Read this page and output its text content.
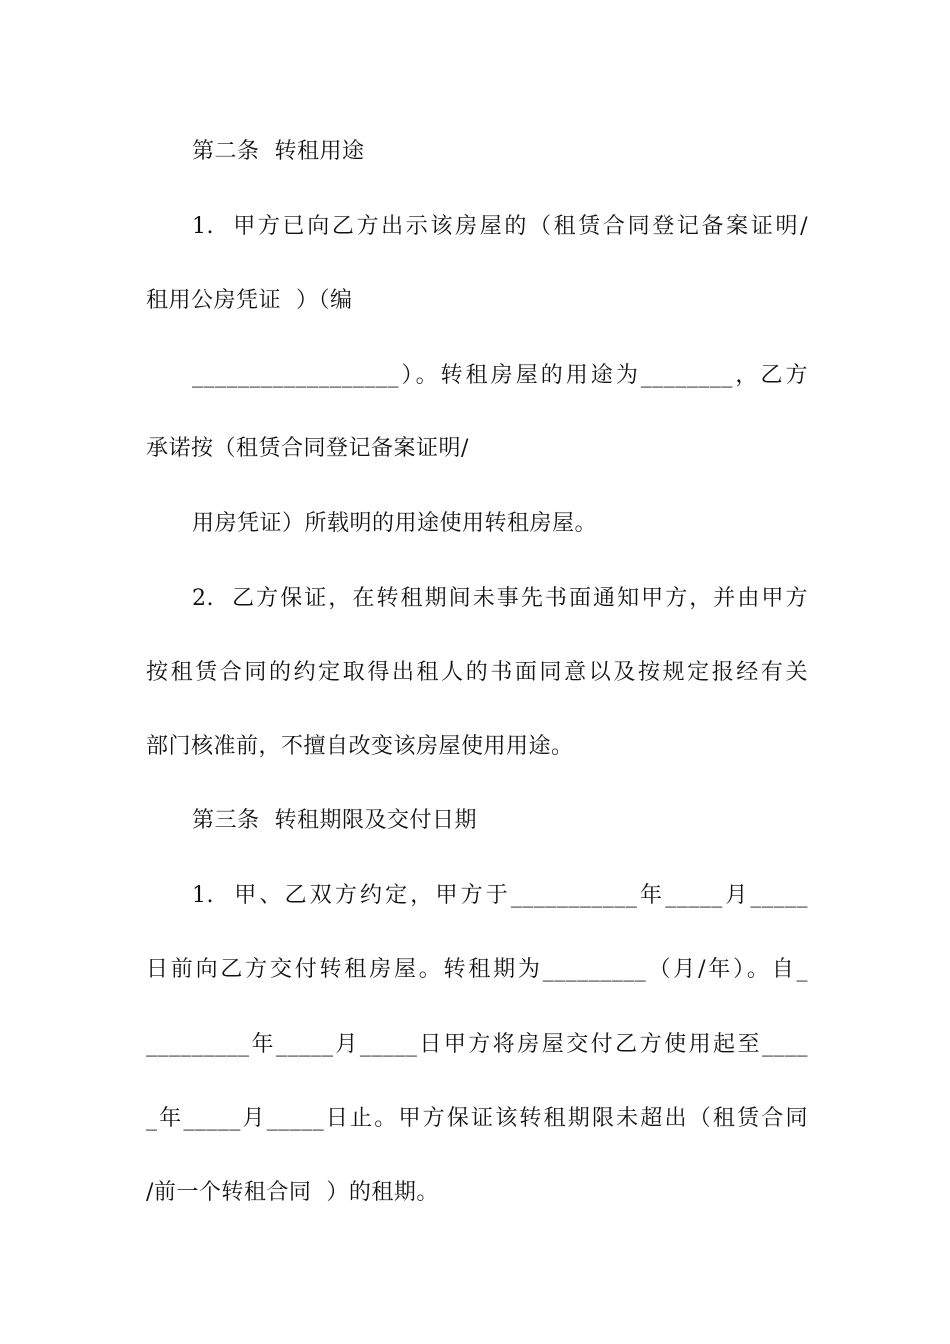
第二条  转租用途
1.  甲方已向乙方出示该房屋的（租赁合同登记备案证明/
租用公房凭证  ）（编
__________________）。转租房屋的用途为________，乙方
承诺按（租赁合同登记备案证明/
用房凭证）所载明的用途使用转租房屋。
2.  乙方保证，在转租期间未事先书面通知甲方，并由甲方
按租赁合同的约定取得出租人的书面同意以及按规定报经有关
部门核准前，不擅自改变该房屋使用用途。
第三条  转租期限及交付日期
1.  甲、乙双方约定，甲方于___________年_____月_____
日前向乙方交付转租房屋。转租期为_________（月/年）。自_
_________年_____月_____日甲方将房屋交付乙方使用起至____
_年_____月_____日止。甲方保证该转租期限未超出（租赁合同
/前一个转租合同  ）的租期。
